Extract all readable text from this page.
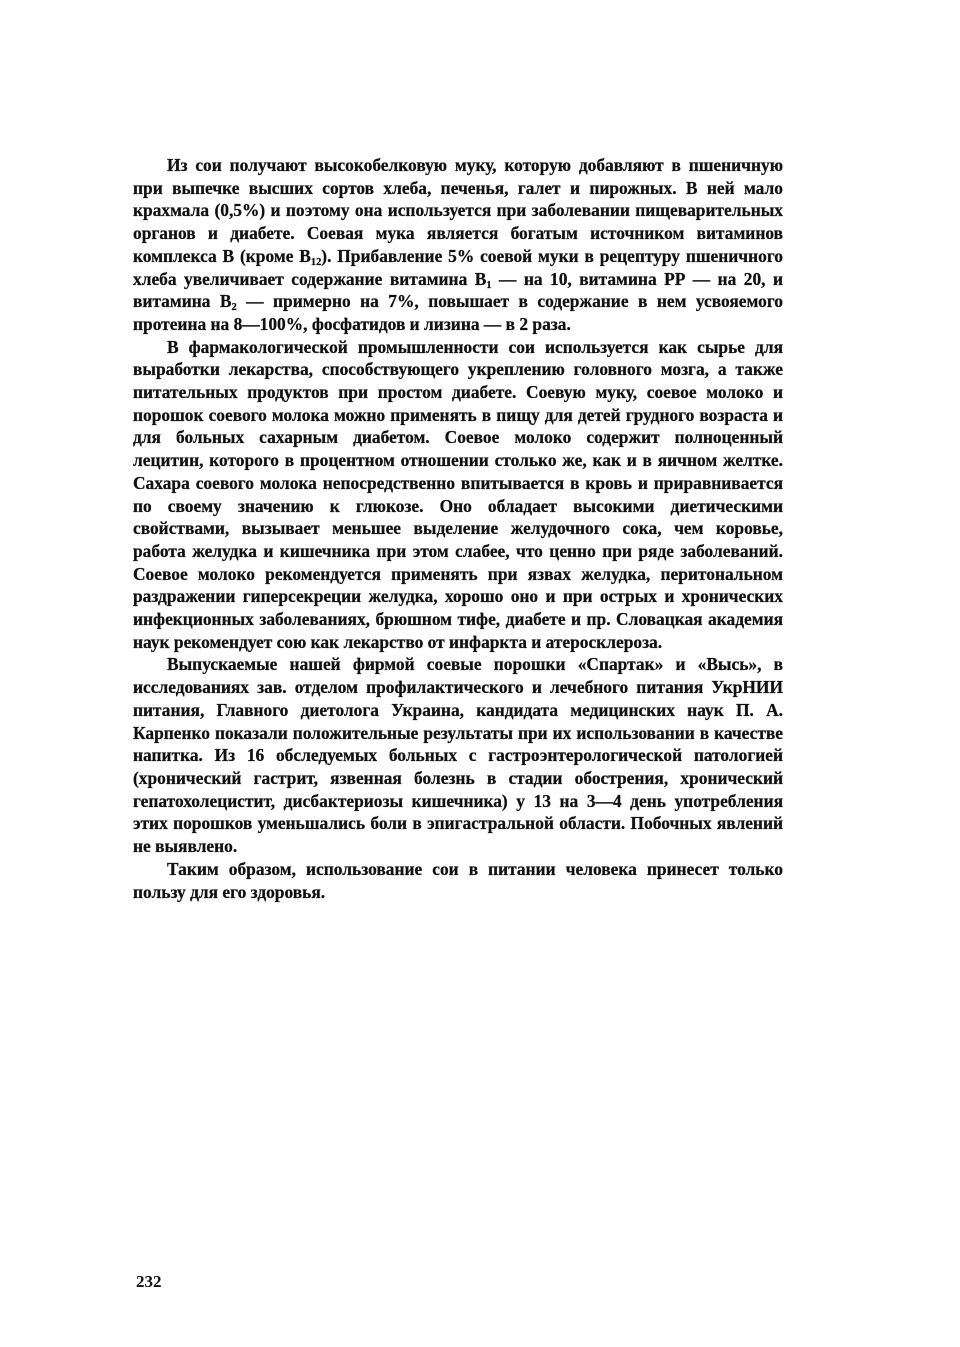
Из сои получают высокобелковую муку, которую добавляют в пшеничную при выпечке высших сортов хлеба, печенья, галет и пирожных. В ней мало крахмала (0,5%) и поэтому она используется при заболевании пищеварительных органов и диабете. Соевая мука является богатым источником витаминов комплекса В (кроме $В_{12}$). Прибавление 5% соевой муки в рецептуру пшеничного хлеба увеличивает содержание витамина $В_1$ — на 10, витамина РР — на 20, и витамина $В_2$ — примерно на 7%, повышает в содержание в нем усвояемого протеина на 8—100%, фосфатидов и лизина — в 2 раза.

В фармакологической промышленности сои используется как сырье для выработки лекарства, способствующего укреплению головного мозга, а также питательных продуктов при простом диабете. Соевую муку, соевое молоко и порошок соевого молока можно применять в пищу для детей грудного возраста и для больных сахарным диабетом. Соевое молоко содержит полноценный лецитин, которого в процентном отношении столько же, как и в яичном желтке. Сахара соевого молока непосредственно впитывается в кровь и приравнивается по своему значению к глюкозе. Оно обладает высокими диетическими свойствами, вызывает меньшее выделение желудочного сока, чем коровье, работа желудка и кишечника при этом слабее, что ценно при ряде заболеваний. Соевое молоко рекомендуется применять при язвах желудка, перитональном раздражении гиперсекреции желудка, хорошо оно и при острых и хронических инфекционных заболеваниях, брюшном тифе, диабете и пр. Словацкая академия наук рекомендует сою как лекарство от инфаркта и атеросклероза.

Выпускаемые нашей фирмой соевые порошки «Спартак» и «Высь», в исследованиях зав. отделом профилактического и лечебного питания УкрНИИ питания, Главного диетолога Украина, кандидата медицинских наук П. А. Карпенко показали положительные результаты при их использовании в качестве напитка. Из 16 обследуемых больных с гастроэнтерологической патологией (хронический гастрит, язвенная болезнь в стадии обострения, хронический гепатохолецистит, дисбактериозы кишечника) у 13 на 3—4 день употребления этих порошков уменьшались боли в эпигастральной области. Побочных явлений не выявлено.

Таким образом, использование сои в питании человека принесет только пользу для его здоровья.

232
